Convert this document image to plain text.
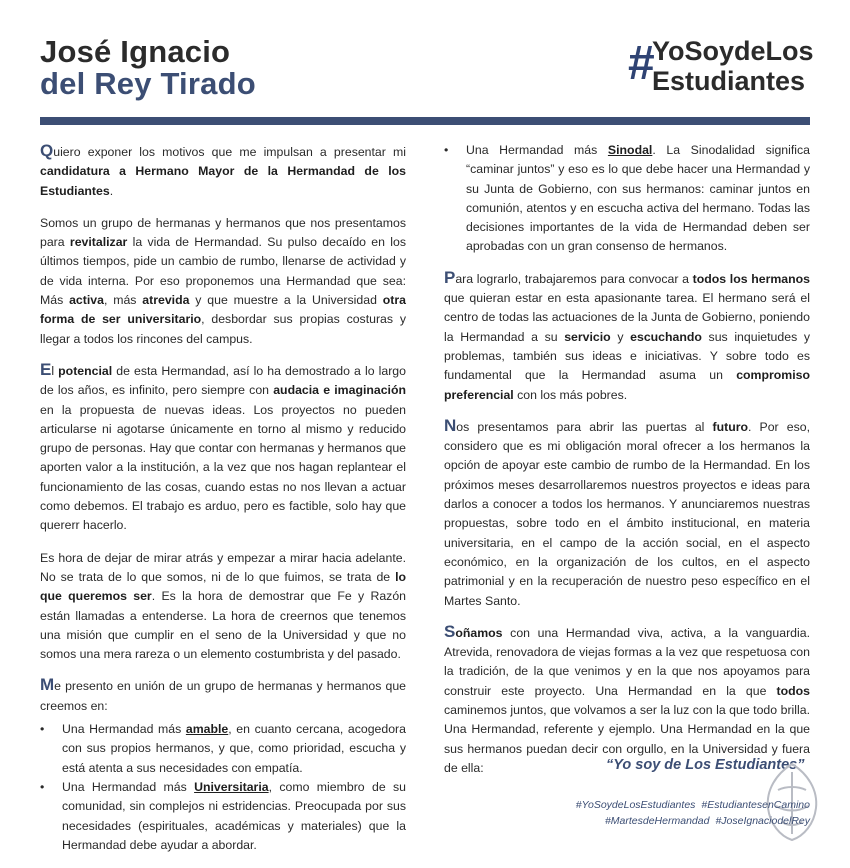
José Ignacio
del Rey Tirado	#
YoSoydeLos
Estudiantes

Quiero exponer los motivos que me impulsan a presentar mi candidatura a Hermano Mayor de la Hermandad de los Estudiantes.

Somos un grupo de hermanas y hermanos que nos presentamos para revitalizar la vida de Hermandad. Su pulso decaído en los últimos tiempos, pide un cambio de rumbo, llenarse de actividad y de vida interna. Por eso proponemos una Hermandad que sea: Más activa, más atrevida y que muestre a la Universidad otra forma de ser universitario, desbordar sus propias costuras y llegar a todos los rincones del campus.

El potencial de esta Hermandad, así lo ha demostrado a lo largo de los años, es infinito, pero siempre con audacia e imaginación en la propuesta de nuevas ideas. Los proyectos no pueden articularse ni agotarse únicamente en torno al mismo y reducido grupo de personas. Hay que contar con hermanas y hermanos que aporten valor a la institución, a la vez que nos hagan replantear el funcionamiento de las cosas, cuando estas no nos llevan a actuar como debemos. El trabajo es arduo, pero es factible, solo hay que quererr hacerlo.

Es hora de dejar de mirar atrás y empezar a mirar hacia adelante. No se trata de lo que somos, ni de lo que fuimos, se trata de lo que queremos ser. Es la hora de demostrar que Fe y Razón están llamadas a entenderse. La hora de creernos que tenemos una misión que cumplir en el seno de la Universidad y que no somos una mera rareza o un elemento costumbrista y del pasado.

Me presento en unión de un grupo de hermanas y hermanos que creemos en:

• Una Hermandad más amable, en cuanto cercana, acogedora con sus propios hermanos, y que, como prioridad, escucha y está atenta a sus necesidades con empatía.
• Una Hermandad más Universitaria, como miembro de su comunidad, sin complejos ni estridencias. Preocupada por sus necesidades (espirituales, académicas y materiales) que la Hermandad debe ayudar a abordar.
• Una Hermandad más Sinodal. La Sinodalidad significa “caminar juntos” y eso es lo que debe hacer una Hermandad y su Junta de Gobierno, con sus hermanos: caminar juntos en comunión, atentos y en escucha activa del hermano. Todas las decisiones importantes de la vida de Hermandad deben ser aprobadas con un gran consenso de hermanos.

Para lograrlo, trabajaremos para convocar a todos los hermanos que quieran estar en esta apasionante tarea. El hermano será el centro de todas las actuaciones de la Junta de Gobierno, poniendo la Hermandad a su servicio y escuchando sus inquietudes y problemas, también sus ideas e iniciativas. Y sobre todo es fundamental que la Hermandad asuma un compromiso preferencial con los más pobres.

Nos presentamos para abrir las puertas al futuro. Por eso, considero que es mi obligación moral ofrecer a los hermanos la opción de apoyar este cambio de rumbo de la Hermandad. En los próximos meses desarrollaremos nuestros proyectos e ideas para darlos a conocer a todos los hermanos. Y anunciaremos nuestras propuestas, sobre todo en el ámbito institucional, en materia universitaria, en el campo de la acción social, en el aspecto económico, en la organización de los cultos, en el aspecto patrimonial y en la recuperación de nuestro peso específico en el Martes Santo.

Soñamos con una Hermandad viva, activa, a la vanguardia. Atrevida, renovadora de viejas formas a la vez que respetuosa con la tradición, de la que venimos y en la que nos apoyamos para construir este proyecto. Una Hermandad en la que todos caminemos juntos, que volvamos a ser la luz con la que todo brilla. Una Hermandad, referente y ejemplo. Una Hermandad en la que sus hermanos puedan decir con orgullo, en la Universidad y fuera de ella:	“Yo soy de Los Estudiantes”
#YoSoydeLosEstudiantes #EstudiantesenCamino
#MartesdeHermandad #JoseIgnaciodelRey
